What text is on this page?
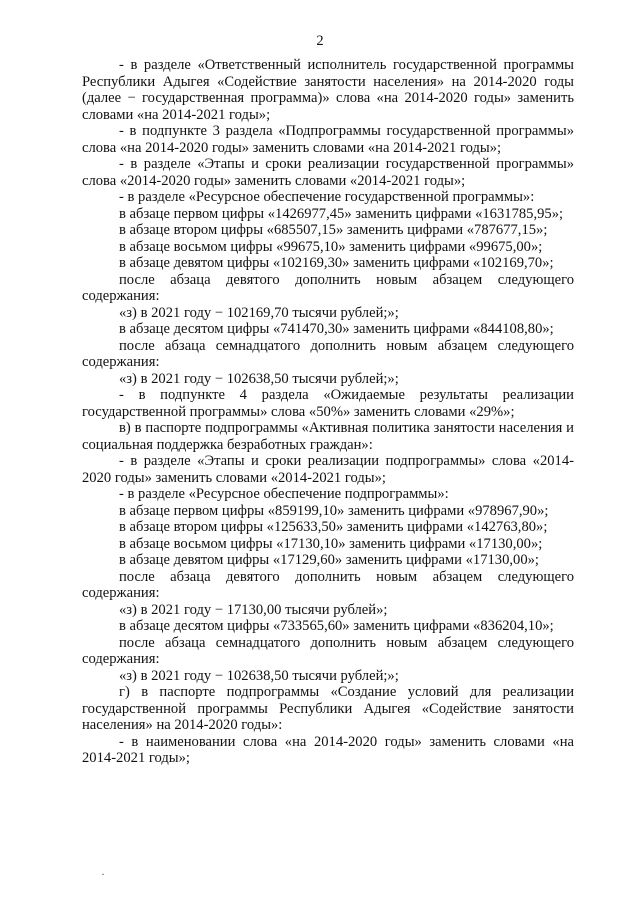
2

- в разделе «Ответственный исполнитель государственной программы Республики Адыгея «Содействие занятости населения» на 2014-2020 годы (далее − государственная программа)» слова «на 2014-2020 годы» заменить словами «на 2014-2021 годы»;

- в подпункте 3 раздела «Подпрограммы государственной программы» слова «на 2014-2020 годы» заменить словами «на 2014-2021 годы»;

- в разделе «Этапы и сроки реализации государственной программы» слова «2014-2020 годы» заменить словами «2014-2021 годы»;

- в разделе «Ресурсное обеспечение государственной программы»:

в абзаце первом цифры «1426977,45» заменить цифрами «1631785,95»;

в абзаце втором цифры «685507,15» заменить цифрами «787677,15»;

в абзаце восьмом цифры «99675,10» заменить цифрами «99675,00»;

в абзаце девятом цифры «102169,30» заменить цифрами «102169,70»;

после абзаца девятого дополнить новым абзацем следующего содержания:

«з) в 2021 году − 102169,70 тысячи рублей;»;

в абзаце десятом цифры «741470,30» заменить цифрами «844108,80»;

после абзаца семнадцатого дополнить новым абзацем следующего содержания:

«з) в 2021 году − 102638,50 тысячи рублей;»;

- в подпункте 4 раздела «Ожидаемые результаты реализации государственной программы» слова «50%» заменить словами «29%»;

в) в паспорте подпрограммы «Активная политика занятости населения и социальная поддержка безработных граждан»:

- в разделе «Этапы и сроки реализации подпрограммы» слова «2014-2020 годы» заменить словами «2014-2021 годы»;

- в разделе «Ресурсное обеспечение подпрограммы»:

в абзаце первом цифры «859199,10» заменить цифрами «978967,90»;

в абзаце втором цифры «125633,50» заменить цифрами «142763,80»;

в абзаце восьмом цифры «17130,10» заменить цифрами «17130,00»;

в абзаце девятом цифры «17129,60» заменить цифрами «17130,00»;

после абзаца девятого дополнить новым абзацем следующего содержания:

«з) в 2021 году − 17130,00 тысячи рублей»;

в абзаце десятом цифры «733565,60» заменить цифрами «836204,10»;

после абзаца семнадцатого дополнить новым абзацем следующего содержания:

«з) в 2021 году − 102638,50 тысячи рублей;»;

г) в паспорте подпрограммы «Создание условий для реализации государственной программы Республики Адыгея «Содействие занятости населения» на 2014-2020 годы»:

- в наименовании слова «на 2014-2020 годы» заменить словами «на 2014-2021 годы»;

·
